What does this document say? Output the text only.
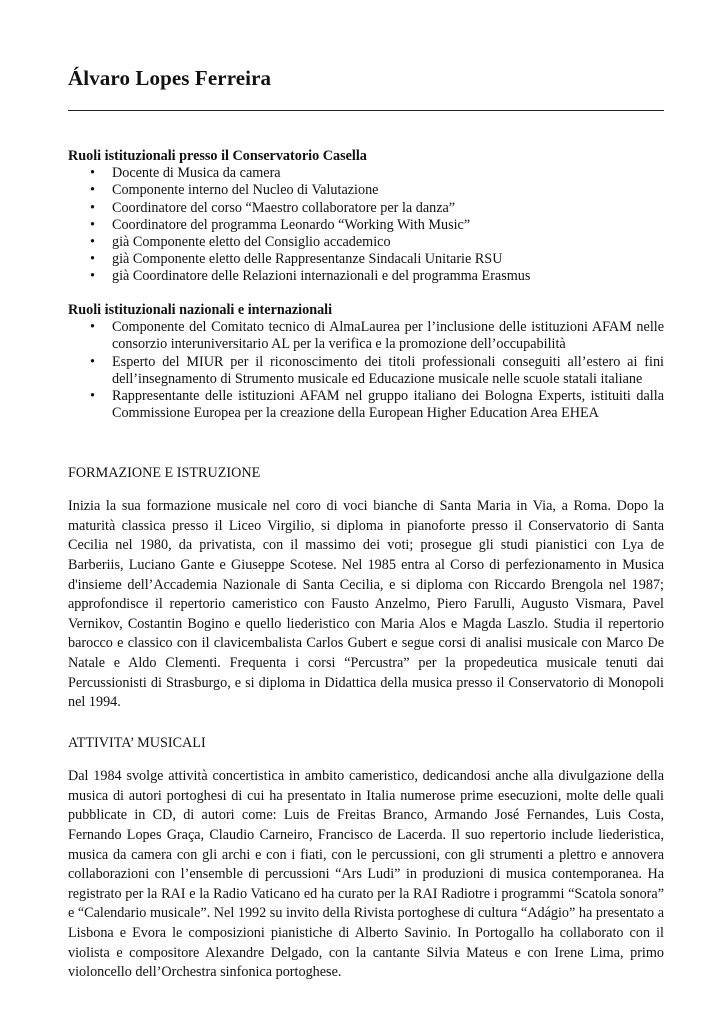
Álvaro Lopes Ferreira

Ruoli istituzionali presso il Conservatorio Casella

• Docente di Musica da camera
• Componente interno del Nucleo di Valutazione
• Coordinatore del corso “Maestro collaboratore per la danza”
• Coordinatore del programma Leonardo “Working With Music”
• già Componente eletto del Consiglio accademico
• già Componente eletto delle Rappresentanze Sindacali Unitarie RSU
• già Coordinatore delle Relazioni internazionali e del programma Erasmus

Ruoli istituzionali nazionali e internazionali

• Componente del Comitato tecnico di AlmaLaurea per l’inclusione delle istituzioni AFAM nelle consorzio interuniversitario AL per la verifica e la promozione dell’occupabilità
• Esperto del MIUR per il riconoscimento dei titoli professionali conseguiti all’estero ai fini dell’insegnamento di Strumento musicale ed Educazione musicale nelle scuole statali italiane
• Rappresentante delle istituzioni AFAM nel gruppo italiano dei Bologna Experts, istituiti dalla Commissione Europea per la creazione della European Higher Education Area EHEA

FORMAZIONE E ISTRUZIONE

Inizia la sua formazione musicale nel coro di voci bianche di Santa Maria in Via, a Roma. Dopo la maturità classica presso il Liceo Virgilio, si diploma in pianoforte presso il Conservatorio di Santa Cecilia nel 1980, da privatista, con il massimo dei voti; prosegue gli studi pianistici con Lya de Barberiis, Luciano Gante e Giuseppe Scotese. Nel 1985 entra al Corso di perfezionamento in Musica d'insieme dell’Accademia Nazionale di Santa Cecilia, e si diploma con Riccardo Brengola nel 1987; approfondisce il repertorio cameristico con Fausto Anzelmo, Piero Farulli, Augusto Vismara, Pavel Vernikov, Costantin Bogino e quello liederistico con Maria Alos e Magda Laszlo. Studia il repertorio barocco e classico con il clavicembalista Carlos Gubert e segue corsi di analisi musicale con Marco De Natale e Aldo Clementi. Frequenta i corsi “Percustra” per la propedeutica musicale tenuti dai Percussionisti di Strasburgo, e si diploma in Didattica della musica presso il Conservatorio di Monopoli nel 1994.

ATTIVITA’ MUSICALI

Dal 1984 svolge attività concertistica in ambito cameristico, dedicandosi anche alla divulgazione della musica di autori portoghesi di cui ha presentato in Italia numerose prime esecuzioni, molte delle quali pubblicate in CD, di autori come: Luis de Freitas Branco, Armando José Fernandes, Luis Costa, Fernando Lopes Graça, Claudio Carneiro, Francisco de Lacerda. Il suo repertorio include liederistica, musica da camera con gli archi e con i fiati, con le percussioni, con gli strumenti a plettro e annovera collaborazioni con l’ensemble di percussioni “Ars Ludi” in produzioni di musica contemporanea. Ha registrato per la RAI e la Radio Vaticano ed ha curato per la RAI Radiotre i programmi “Scatola sonora” e “Calendario musicale”. Nel 1992 su invito della Rivista portoghese di cultura “Adágio” ha presentato a Lisbona e Evora le composizioni pianistiche di Alberto Savinio. In Portogallo ha collaborato con il violista e compositore Alexandre Delgado, con la cantante Silvia Mateus e con Irene Lima, primo violoncello dell’Orchestra sinfonica portoghese.
